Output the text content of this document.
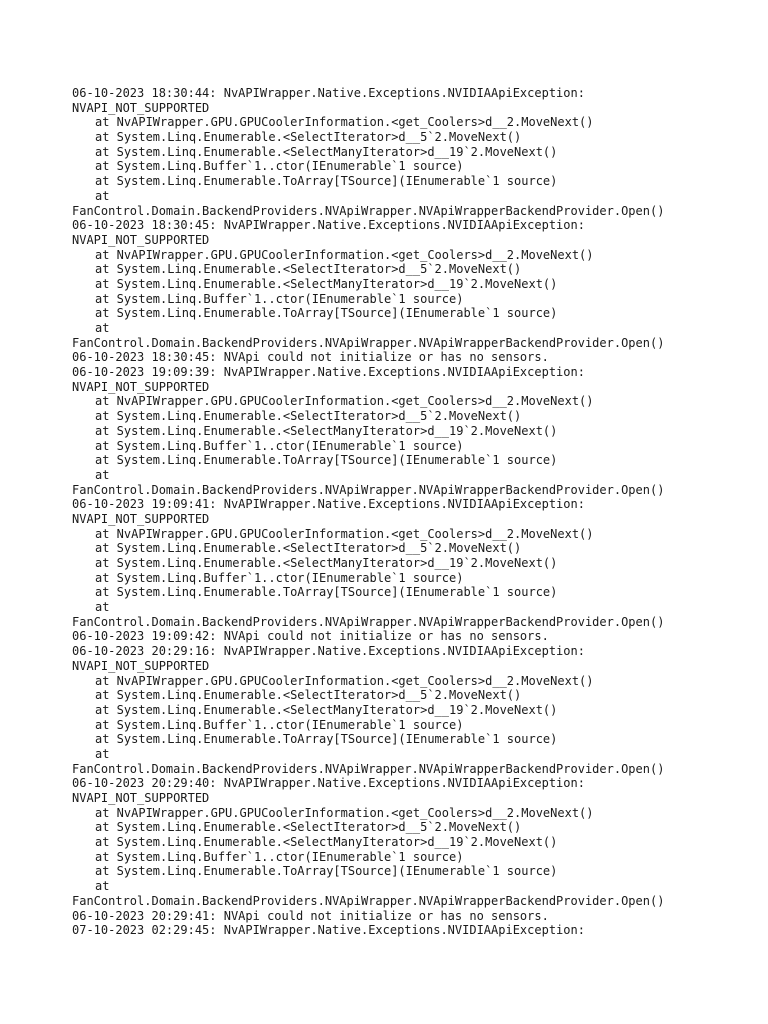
06-10-2023 18:30:44: NvAPIWrapper.Native.Exceptions.NVIDIAApiException:
NVAPI_NOT_SUPPORTED
at NvAPIWrapper.GPU.GPUCoolerInformation.<get_Coolers>d__2.MoveNext()
at System.Linq.Enumerable.<SelectIterator>d__5`2.MoveNext()
at System.Linq.Enumerable.<SelectManyIterator>d__19`2.MoveNext()
at System.Linq.Buffer`1..ctor(IEnumerable`1 source)
at System.Linq.Enumerable.ToArray[TSource](IEnumerable`1 source)
at
FanControl.Domain.BackendProviders.NVApiWrapper.NVApiWrapperBackendProvider.Open()
06-10-2023 18:30:45: NvAPIWrapper.Native.Exceptions.NVIDIAApiException:
NVAPI_NOT_SUPPORTED
at NvAPIWrapper.GPU.GPUCoolerInformation.<get_Coolers>d__2.MoveNext()
at System.Linq.Enumerable.<SelectIterator>d__5`2.MoveNext()
at System.Linq.Enumerable.<SelectManyIterator>d__19`2.MoveNext()
at System.Linq.Buffer`1..ctor(IEnumerable`1 source)
at System.Linq.Enumerable.ToArray[TSource](IEnumerable`1 source)
at
FanControl.Domain.BackendProviders.NVApiWrapper.NVApiWrapperBackendProvider.Open()
06-10-2023 18:30:45: NVApi could not initialize or has no sensors.
06-10-2023 19:09:39: NvAPIWrapper.Native.Exceptions.NVIDIAApiException:
NVAPI_NOT_SUPPORTED
at NvAPIWrapper.GPU.GPUCoolerInformation.<get_Coolers>d__2.MoveNext()
at System.Linq.Enumerable.<SelectIterator>d__5`2.MoveNext()
at System.Linq.Enumerable.<SelectManyIterator>d__19`2.MoveNext()
at System.Linq.Buffer`1..ctor(IEnumerable`1 source)
at System.Linq.Enumerable.ToArray[TSource](IEnumerable`1 source)
at
FanControl.Domain.BackendProviders.NVApiWrapper.NVApiWrapperBackendProvider.Open()
06-10-2023 19:09:41: NvAPIWrapper.Native.Exceptions.NVIDIAApiException:
NVAPI_NOT_SUPPORTED
at NvAPIWrapper.GPU.GPUCoolerInformation.<get_Coolers>d__2.MoveNext()
at System.Linq.Enumerable.<SelectIterator>d__5`2.MoveNext()
at System.Linq.Enumerable.<SelectManyIterator>d__19`2.MoveNext()
at System.Linq.Buffer`1..ctor(IEnumerable`1 source)
at System.Linq.Enumerable.ToArray[TSource](IEnumerable`1 source)
at
FanControl.Domain.BackendProviders.NVApiWrapper.NVApiWrapperBackendProvider.Open()
06-10-2023 19:09:42: NVApi could not initialize or has no sensors.
06-10-2023 20:29:16: NvAPIWrapper.Native.Exceptions.NVIDIAApiException:
NVAPI_NOT_SUPPORTED
at NvAPIWrapper.GPU.GPUCoolerInformation.<get_Coolers>d__2.MoveNext()
at System.Linq.Enumerable.<SelectIterator>d__5`2.MoveNext()
at System.Linq.Enumerable.<SelectManyIterator>d__19`2.MoveNext()
at System.Linq.Buffer`1..ctor(IEnumerable`1 source)
at System.Linq.Enumerable.ToArray[TSource](IEnumerable`1 source)
at
FanControl.Domain.BackendProviders.NVApiWrapper.NVApiWrapperBackendProvider.Open()
06-10-2023 20:29:40: NvAPIWrapper.Native.Exceptions.NVIDIAApiException:
NVAPI_NOT_SUPPORTED
at NvAPIWrapper.GPU.GPUCoolerInformation.<get_Coolers>d__2.MoveNext()
at System.Linq.Enumerable.<SelectIterator>d__5`2.MoveNext()
at System.Linq.Enumerable.<SelectManyIterator>d__19`2.MoveNext()
at System.Linq.Buffer`1..ctor(IEnumerable`1 source)
at System.Linq.Enumerable.ToArray[TSource](IEnumerable`1 source)
at
FanControl.Domain.BackendProviders.NVApiWrapper.NVApiWrapperBackendProvider.Open()
06-10-2023 20:29:41: NVApi could not initialize or has no sensors.
07-10-2023 02:29:45: NvAPIWrapper.Native.Exceptions.NVIDIAApiException:
